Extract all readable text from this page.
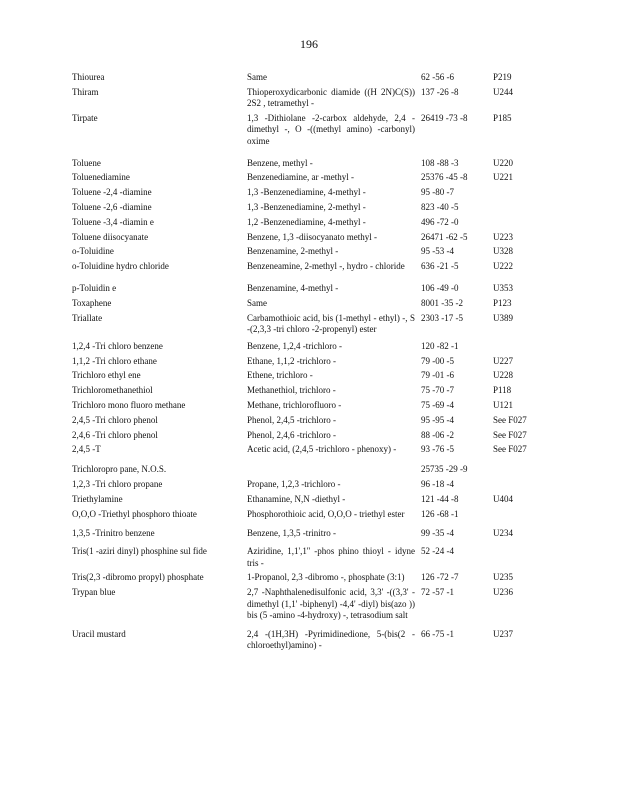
196
Thiourea	Same	62 -56 -6	P219
Thiram	Thioperoxydicarbonic diamide ((H 2N)C(S)) 2S2 , tetramethyl -	137 -26 -8	U244
Tirpate	1,3 -Dithiolane -2-carbox aldehyde, 2,4 -dimethyl -, O -((methyl amino) -carbonyl) oxime	26419 -73 -8	P185
Toluene	Benzene, methyl -	108 -88 -3	U220
Toluenediamine	Benzenediamine, ar -methyl -	25376 -45 -8	U221
Toluene -2,4 -diamine	1,3 -Benzenediamine, 4-methyl -	95 -80 -7	
Toluene -2,6 -diamine	1,3 -Benzenediamine, 2-methyl -	823 -40 -5	
Toluene -3,4 -diamin e	1,2 -Benzenediamine, 4-methyl -	496 -72 -0	
Toluene diisocyanate	Benzene, 1,3 -diisocyanato methyl -	26471 -62 -5	U223
o-Toluidine	Benzenamine, 2-methyl -	95 -53 -4	U328
o-Toluidine hydro chloride	Benzeneamine, 2-methyl -, hydro - chloride	636 -21 -5	U222
p-Toluidin e	Benzenamine, 4-methyl -	106 -49 -0	U353
Toxaphene	Same	8001 -35 -2	P123
Triallate	Carbamothioic acid, bis (1-methyl - ethyl) -, S -(2,3,3 -tri chloro -2-propenyl) ester	2303 -17 -5	U389
1,2,4 -Tri chloro benzene	Benzene, 1,2,4 -trichloro -	120 -82 -1	
1,1,2 -Tri chloro ethane	Ethane, 1,1,2 -trichloro -	79 -00 -5	U227
Trichloro ethyl ene	Ethene, trichloro -	79 -01 -6	U228
Trichloromethanethiol	Methanethiol, trichloro -	75 -70 -7	P118
Trichloro mono fluoro methane	Methane, trichlorofluoro -	75 -69 -4	U121
2,4,5 -Tri chloro phenol	Phenol, 2,4,5 -trichloro -	95 -95 -4	See F027
2,4,6 -Tri chloro phenol	Phenol, 2,4,6 -trichloro -	88 -06 -2	See F027
2,4,5 -T	Acetic acid, (2,4,5 -trichloro - phenoxy) -	93 -76 -5	See F027
Trichloropro pane, N.O.S.		25735 -29 -9	
1,2,3 -Tri chloro propane	Propane, 1,2,3 -trichloro -	96 -18 -4	
Triethylamine	Ethanamine, N,N -diethyl -	121 -44 -8	U404
O,O,O -Triethyl phosphoro thioate	Phosphorothioic acid, O,O,O - triethyl ester	126 -68 -1	
1,3,5 -Trinitro benzene	Benzene, 1,3,5 -trinitro -	99 -35 -4	U234
Tris(1 -aziri dinyl) phosphine sul fide	Aziridine, 1,1',1'' -phos phino thioyl - idyne tris -	52 -24 -4	
Tris(2,3 -dibromo propyl) phosphate	1-Propanol, 2,3 -dibromo -, phosphate (3:1)	126 -72 -7	U235
Trypan blue	2,7 -Naphthalenedisulfonic acid, 3,3' -((3,3' -dimethyl (1,1' -biphenyl) -4,4' -diyl) bis(azo )) bis (5 -amino -4-hydroxy) -, tetrasodium salt	72 -57 -1	U236
Uracil mustard	2,4 -(1H,3H) -Pyrimidinedione, 5-(bis(2 -chloroethyl)amino) -	66 -75 -1	U237
